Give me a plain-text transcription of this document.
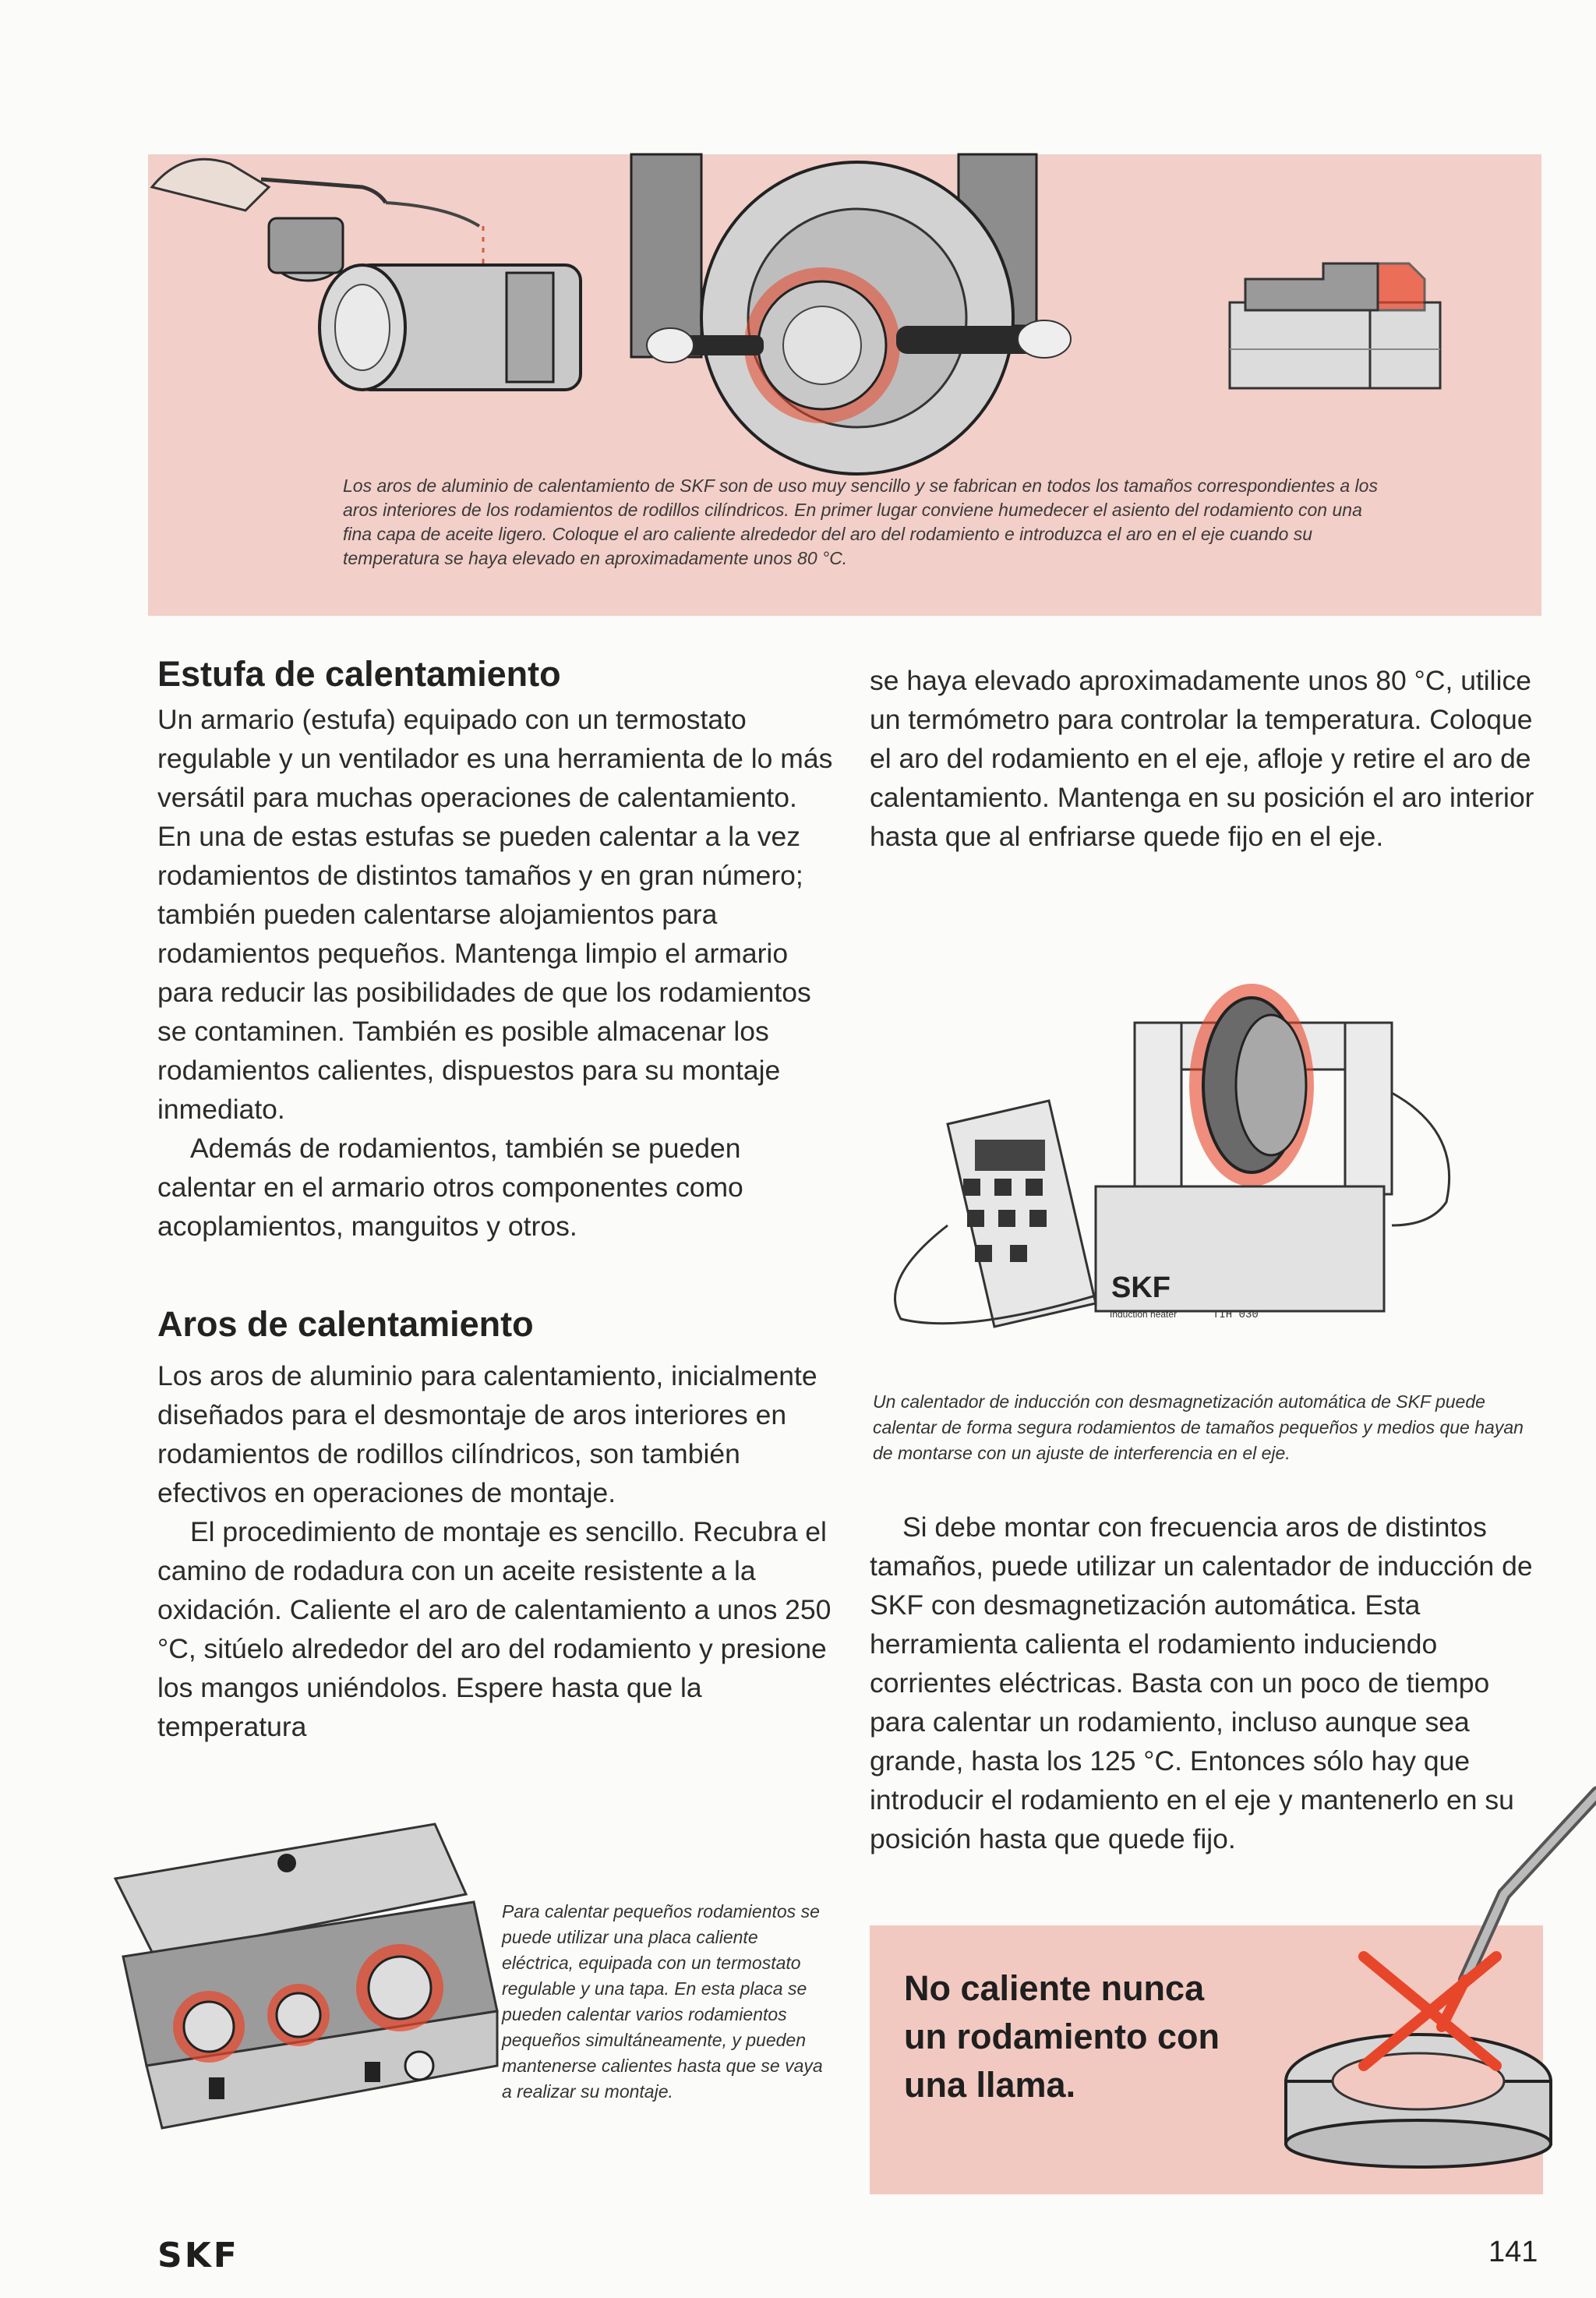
Los aros de aluminio de calentamiento de SKF son de uso muy sencillo y se fabrican en todos los tamaños correspondientes a los aros interiores de los rodamientos de rodillos cilíndricos. En primer lugar conviene humedecer el asiento del rodamiento con una fina capa de aceite ligero. Coloque el aro caliente alrededor del aro del rodamiento e introduzca el aro en el eje cuando su temperatura se haya elevado en aproximadamente unos 80 °C.

Estufa de calentamiento

Un armario (estufa) equipado con un termostato regulable y un ventilador es una herramienta de lo más versátil para muchas operaciones de calentamiento. En una de estas estufas se pueden calentar a la vez rodamientos de distintos tamaños y en gran número; también pueden calentarse alojamientos para rodamientos pequeños. Mantenga limpio el armario para reducir las posibilidades de que los rodamientos se contaminen. También es posible almacenar los rodamientos calientes, dispuestos para su montaje inmediato.

Además de rodamientos, también se pueden calentar en el armario otros componentes como acoplamientos, manguitos y otros.

Aros de calentamiento

Los aros de aluminio para calentamiento, inicialmente diseñados para el desmontaje de aros interiores en rodamientos de rodillos cilíndricos, son también efectivos en operaciones de montaje.

El procedimiento de montaje es sencillo. Recubra el camino de rodadura con un aceite resistente a la oxidación. Caliente el aro de calentamiento a unos 250 °C, sitúelo alrededor del aro del rodamiento y presione los mangos uniéndolos. Espere hasta que la temperatura

se haya elevado aproximadamente unos 80 °C, utilice un termómetro para controlar la temperatura. Coloque el aro del rodamiento en el eje, afloje y retire el aro de calentamiento. Mantenga en su posición el aro interior hasta que al enfriarse quede fijo en el eje.
SKF
Induction heater	TIH 030

Un calentador de inducción con desmagnetización automática de SKF puede calentar de forma segura rodamientos de tamaños pequeños y medios que hayan de montarse con un ajuste de interferencia en el eje.

Si debe montar con frecuencia aros de distintos tamaños, puede utilizar un calentador de inducción de SKF con desmagnetización automática. Esta herramienta calienta el rodamiento induciendo corrientes eléctricas. Basta con un poco de tiempo para calentar un rodamiento, incluso aunque sea grande, hasta los 125 °C. Entonces sólo hay que introducir el rodamiento en el eje y mantenerlo en su posición hasta que quede fijo.

Para calentar pequeños rodamientos se puede utilizar una placa caliente eléctrica, equipada con un termostato regulable y una tapa. En esta placa se pueden calentar varios rodamientos pequeños simultáneamente, y pueden mantenerse calientes hasta que se vaya a realizar su montaje.

No caliente nunca un rodamiento con una llama.
SKF	141
